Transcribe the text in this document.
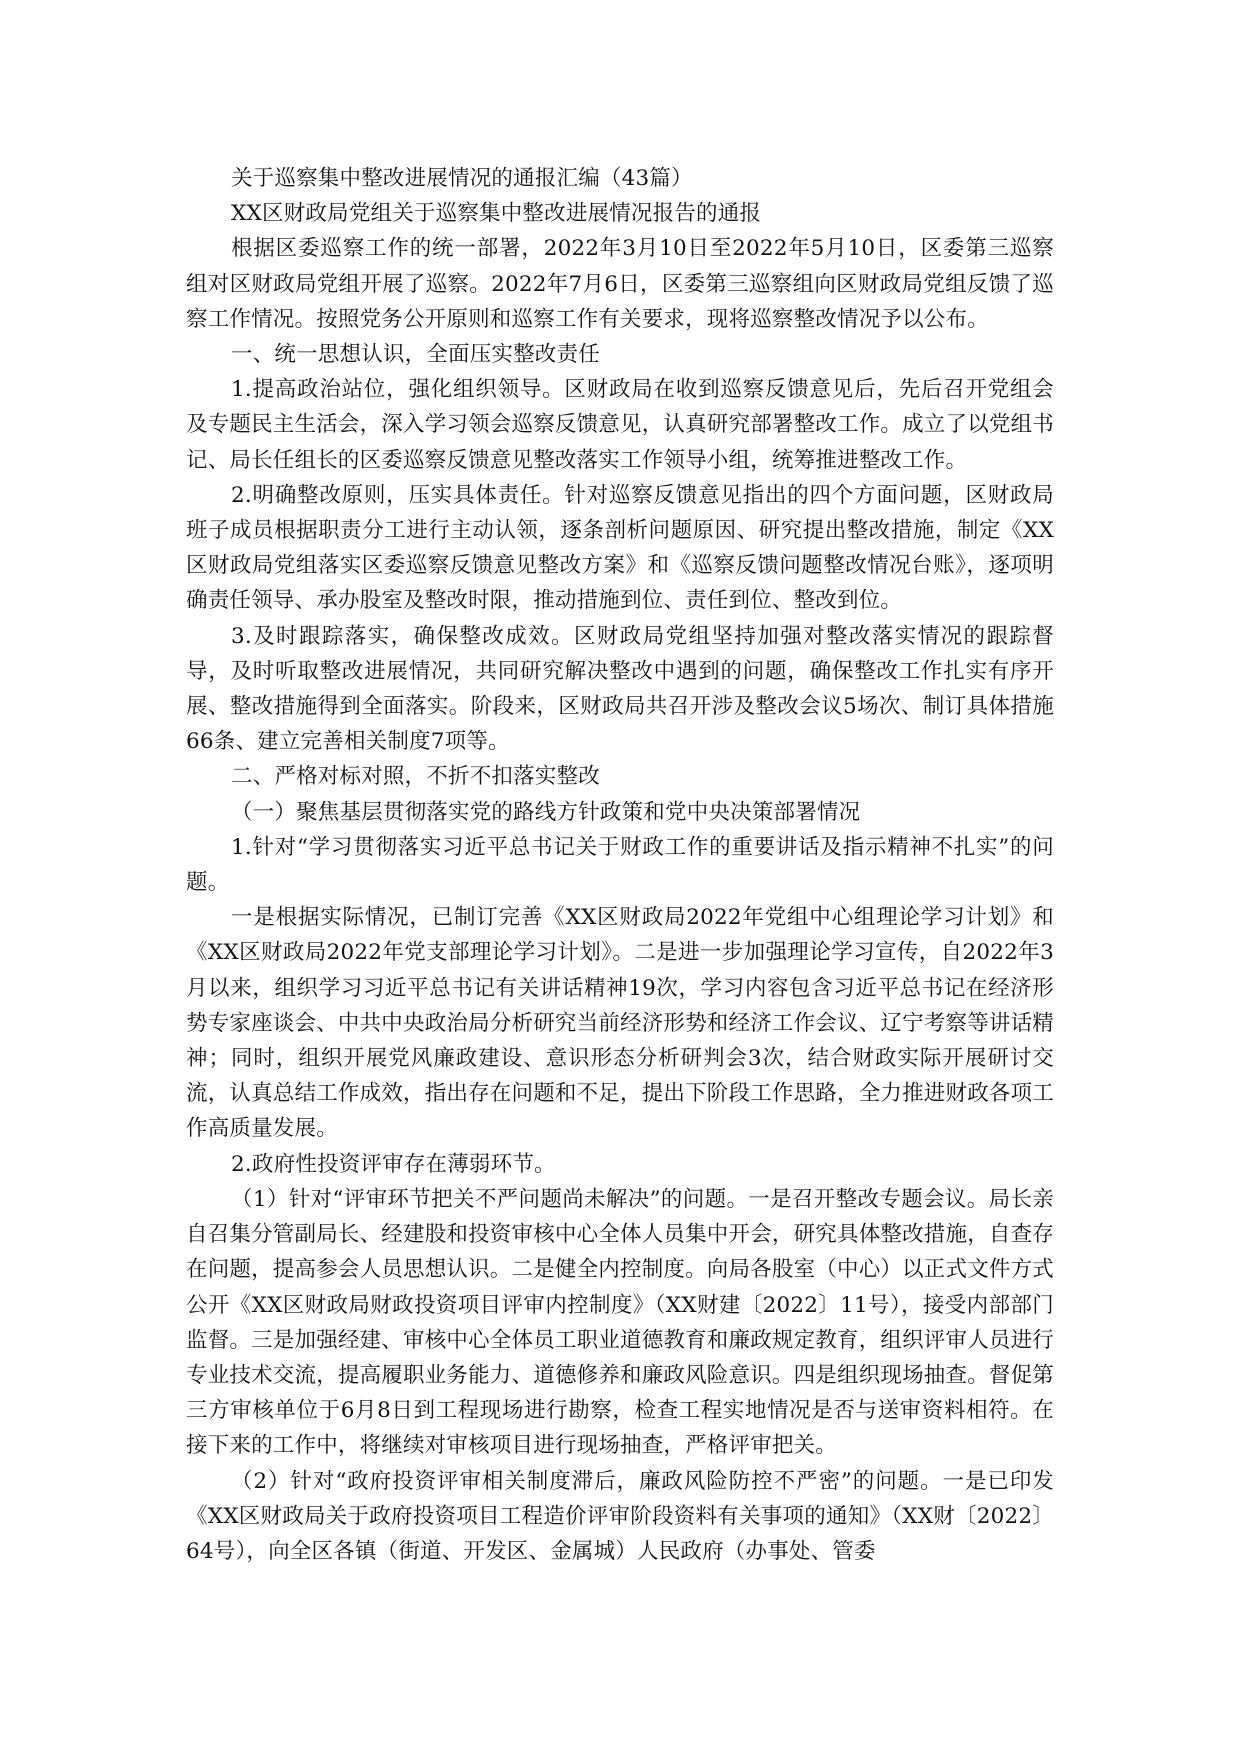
关于巡察集中整改进展情况的通报汇编（43篇）

XX区财政局党组关于巡察集中整改进展情况报告的通报

根据区委巡察工作的统一部署，2022年3月10日至2022年5月10日，区委第三巡察组对区财政局党组开展了巡察。2022年7月6日，区委第三巡察组向区财政局党组反馈了巡察工作情况。按照党务公开原则和巡察工作有关要求，现将巡察整改情况予以公布。

一、统一思想认识，全面压实整改责任

1.提高政治站位，强化组织领导。区财政局在收到巡察反馈意见后，先后召开党组会及专题民主生活会，深入学习领会巡察反馈意见，认真研究部署整改工作。成立了以党组书记、局长任组长的区委巡察反馈意见整改落实工作领导小组，统筹推进整改工作。

2.明确整改原则，压实具体责任。针对巡察反馈意见指出的四个方面问题，区财政局班子成员根据职责分工进行主动认领，逐条剖析问题原因、研究提出整改措施，制定《XX区财政局党组落实区委巡察反馈意见整改方案》和《巡察反馈问题整改情况台账》，逐项明确责任领导、承办股室及整改时限，推动措施到位、责任到位、整改到位。

3.及时跟踪落实，确保整改成效。区财政局党组坚持加强对整改落实情况的跟踪督导，及时听取整改进展情况，共同研究解决整改中遇到的问题，确保整改工作扎实有序开展、整改措施得到全面落实。阶段来，区财政局共召开涉及整改会议5场次、制订具体措施66条、建立完善相关制度7项等。

二、严格对标对照，不折不扣落实整改

（一）聚焦基层贯彻落实党的路线方针政策和党中央决策部署情况

1.针对“学习贯彻落实习近平总书记关于财政工作的重要讲话及指示精神不扎实”的问题。

一是根据实际情况，已制订完善《XX区财政局2022年党组中心组理论学习计划》和《XX区财政局2022年党支部理论学习计划》。二是进一步加强理论学习宣传，自2022年3月以来，组织学习习近平总书记有关讲话精神19次，学习内容包含习近平总书记在经济形势专家座谈会、中共中央政治局分析研究当前经济形势和经济工作会议、辽宁考察等讲话精神；同时，组织开展党风廉政建设、意识形态分析研判会3次，结合财政实际开展研讨交流，认真总结工作成效，指出存在问题和不足，提出下阶段工作思路，全力推进财政各项工作高质量发展。

2.政府性投资评审存在薄弱环节。

（1）针对“评审环节把关不严问题尚未解决”的问题。一是召开整改专题会议。局长亲自召集分管副局长、经建股和投资审核中心全体人员集中开会，研究具体整改措施，自查存在问题，提高参会人员思想认识。二是健全内控制度。向局各股室（中心）以正式文件方式公开《XX区财政局财政投资项目评审内控制度》（XX财建〔2022〕11号），接受内部部门监督。三是加强经建、审核中心全体员工职业道德教育和廉政规定教育，组织评审人员进行专业技术交流，提高履职业务能力、道德修养和廉政风险意识。四是组织现场抽查。督促第三方审核单位于6月8日到工程现场进行勘察，检查工程实地情况是否与送审资料相符。在接下来的工作中，将继续对审核项目进行现场抽查，严格评审把关。

（2）针对“政府投资评审相关制度滞后，廉政风险防控不严密”的问题。一是已印发《XX区财政局关于政府投资项目工程造价评审阶段资料有关事项的通知》（XX财〔2022〕64号），向全区各镇（街道、开发区、金属城）人民政府（办事处、管委
